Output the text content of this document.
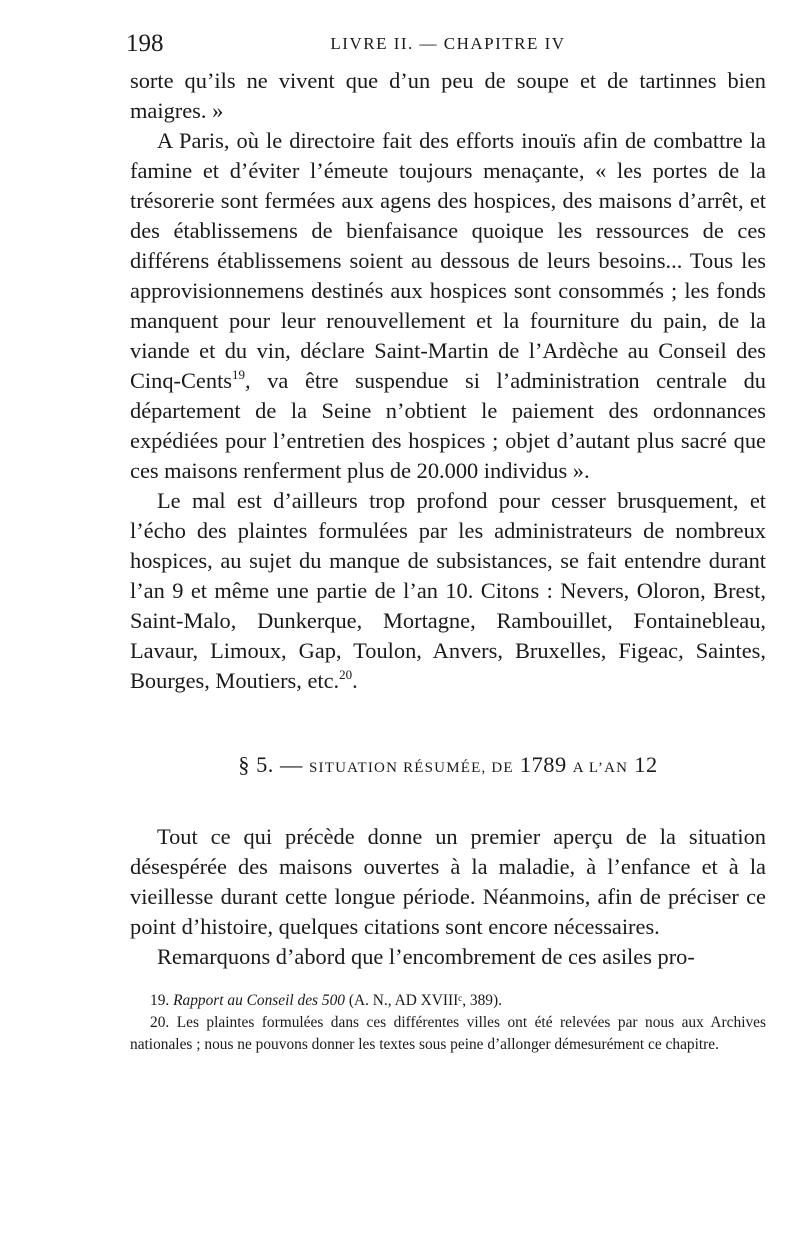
198	LIVRE II. — CHAPITRE IV

sorte qu’ils ne vivent que d’un peu de soupe et de tartinnes bien maigres. »

A Paris, où le directoire fait des efforts inouïs afin de combattre la famine et d’éviter l’émeute toujours menaçante, « les portes de la trésorerie sont fermées aux agens des hospices, des maisons d’arrêt, et des établissemens de bienfaisance quoique les ressources de ces différens établissemens soient au dessous de leurs besoins... Tous les approvisionnemens destinés aux hospices sont consommés ; les fonds manquent pour leur renouvellement et la fourniture du pain, de la viande et du vin, déclare Saint-Martin de l’Ardèche au Conseil des Cinq-Cents$^{19}$, va être suspendue si l’administration centrale du département de la Seine n’obtient le paiement des ordonnances expédiées pour l’entretien des hospices ; objet d’autant plus sacré que ces maisons renferment plus de 20.000 individus ».

Le mal est d’ailleurs trop profond pour cesser brusquement, et l’écho des plaintes formulées par les administrateurs de nombreux hospices, au sujet du manque de subsistances, se fait entendre durant l’an 9 et même une partie de l’an 10. Citons : Nevers, Oloron, Brest, Saint-Malo, Dunkerque, Mortagne, Rambouillet, Fontainebleau, Lavaur, Limoux, Gap, Toulon, Anvers, Bruxelles, Figeac, Saintes, Bourges, Moutiers, etc.$^{20}$.

§ 5. — SITUATION RÉSUMÉE, DE 1789 A L’AN 12

Tout ce qui précède donne un premier aperçu de la situation désespérée des maisons ouvertes à la maladie, à l’enfance et à la vieillesse durant cette longue période. Néanmoins, afin de préciser ce point d’histoire, quelques citations sont encore nécessaires.

Remarquons d’abord que l’encombrement de ces asiles pro-

19. Rapport au Conseil des 500 (A. N., AD XVIIIᶜ, 389).

20. Les plaintes formulées dans ces différentes villes ont été relevées par nous aux Archives nationales ; nous ne pouvons donner les textes sous peine d’allonger démesurément ce chapitre.
